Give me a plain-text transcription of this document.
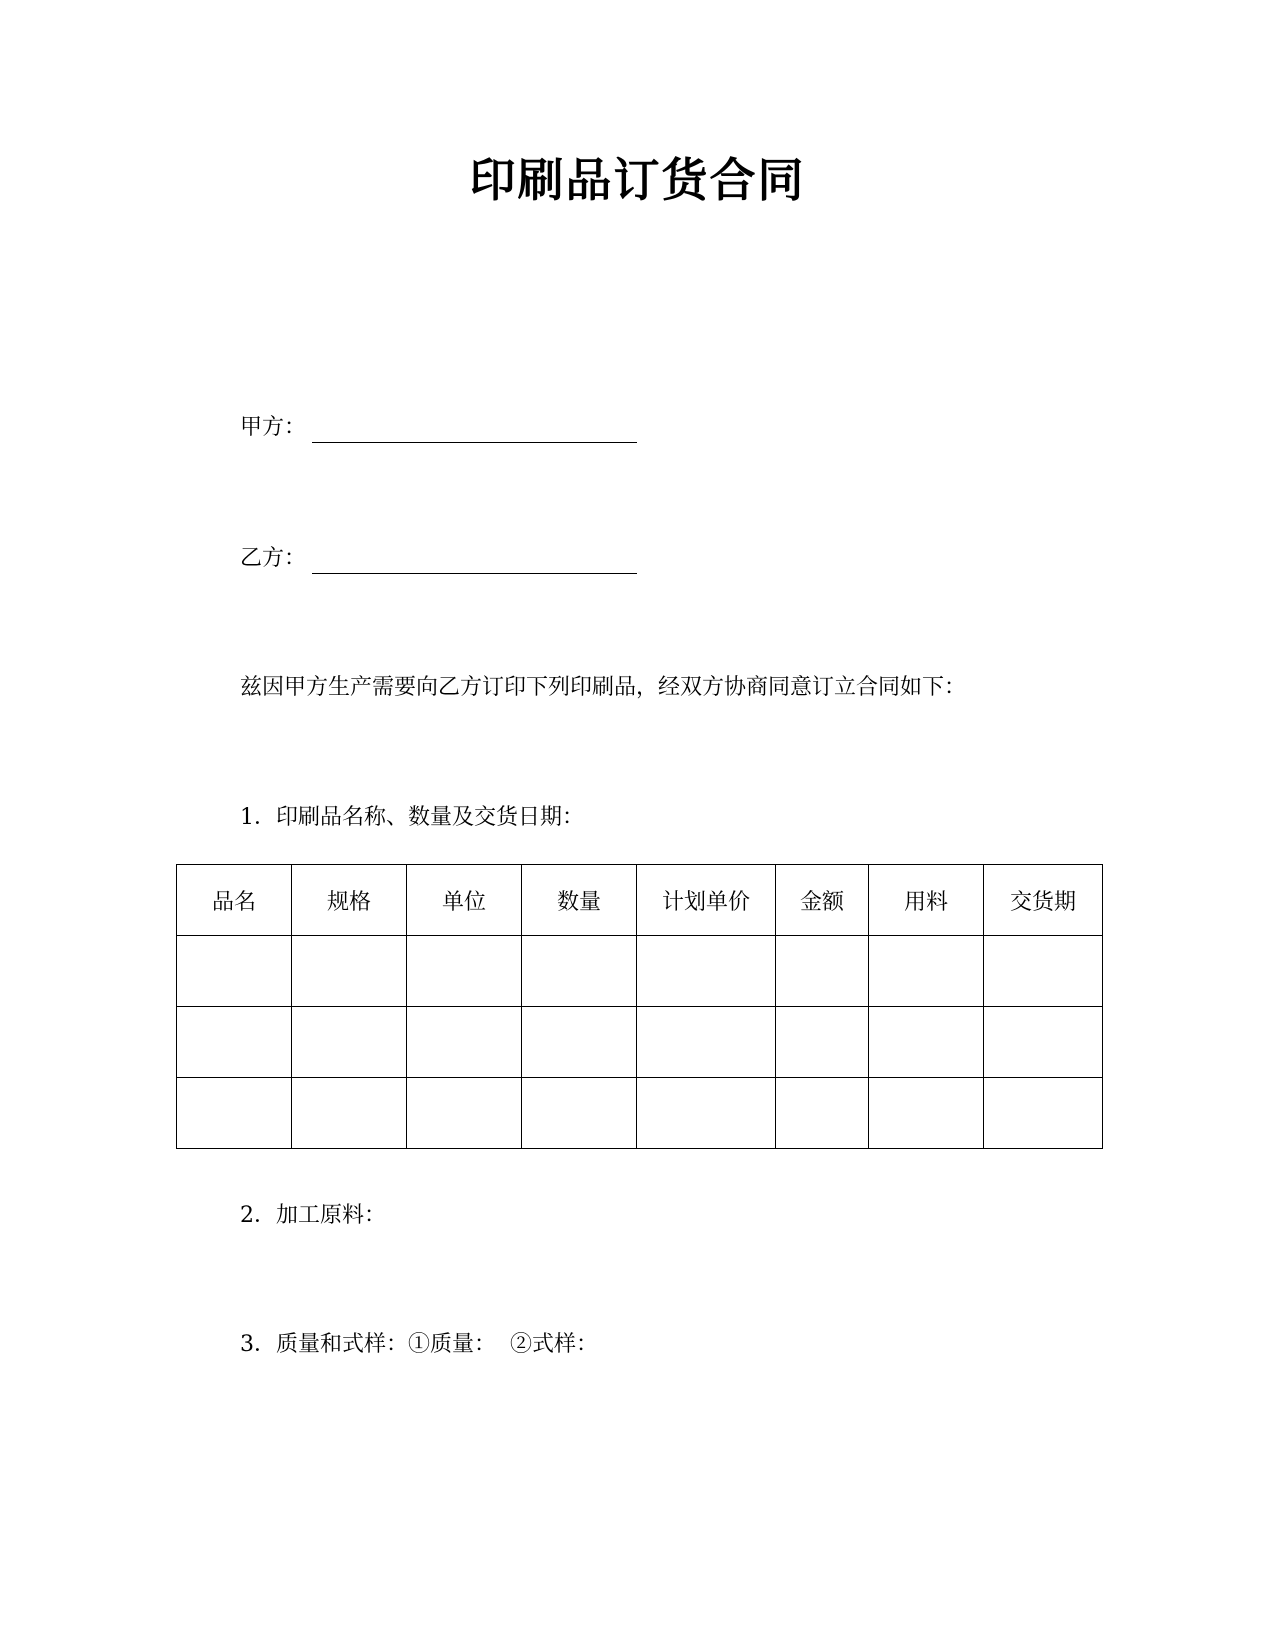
印刷品订货合同
甲方：
乙方：
兹因甲方生产需要向乙方订印下列印刷品，经双方协商同意订立合同如下：
1．印刷品名称、数量及交货日期：
品名	规格	单位	数量	计划单价	金额	用料	交货期

2．加工原料：
3．质量和式样：①质量： ②式样：
